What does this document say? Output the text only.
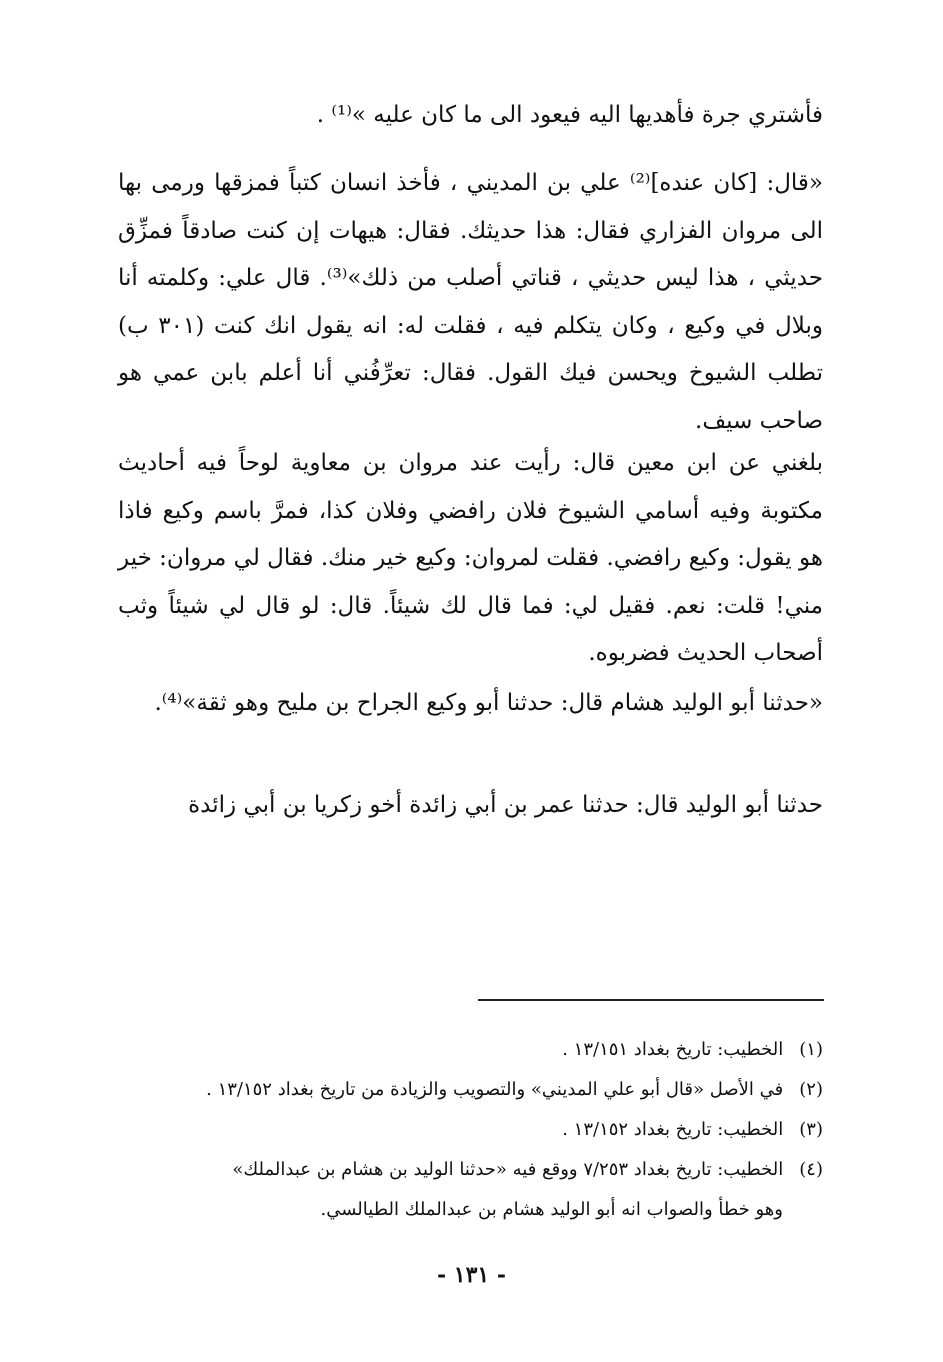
فأشتري جرة فأهديها اليه فيعود الى ما كان عليه »⁽¹⁾ .

«قال: [كان عنده]⁽²⁾ علي بن المديني ، فأخذ انسان كتباً فمزقها ورمى بها الى مروان الفزاري فقال: هذا حديثك. فقال: هيهات إن كنت صادقاً فمزِّق حديثي ، هذا ليس حديثي ، قناتي أصلب من ذلك»⁽³⁾. قال علي: وكلمته أنا وبلال في وكيع ، وكان يتكلم فيه ، فقلت له: انه يقول انك كنت (٣٠١ ب) تطلب الشيوخ ويحسن فيك القول. فقال: تعرِّفُني أنا أعلم بابن عمي هو صاحب سيف.

بلغني عن ابن معين قال: رأيت عند مروان بن معاوية لوحاً فيه أحاديث مكتوبة وفيه أسامي الشيوخ فلان رافضي وفلان كذا، فمرَّ باسم وكيع فاذا هو يقول: وكيع رافضي. فقلت لمروان: وكيع خير منك. فقال لي مروان: خير مني! قلت: نعم. فقيل لي: فما قال لك شيئاً. قال: لو قال لي شيئاً وثب أصحاب الحديث فضربوه.

«حدثنا أبو الوليد هشام قال: حدثنا أبو وكيع الجراح بن مليح وهو ثقة»⁽⁴⁾.

حدثنا أبو الوليد قال: حدثنا عمر بن أبي زائدة أخو زكريا بن أبي زائدة

(١) الخطيب: تاريخ بغداد ١٣/١٥١ .
(٢) في الأصل «قال أبو علي المديني» والتصويب والزيادة من تاريخ بغداد ١٣/١٥٢ .
(٣) الخطيب: تاريخ بغداد ١٣/١٥٢ .
(٤) الخطيب: تاريخ بغداد ٧/٢٥٣ ووقع فيه «حدثنا الوليد بن هشام بن عبدالملك»
وهو خطأ والصواب انه أبو الوليد هشام بن عبدالملك الطيالسي.
- ١٣١ -
